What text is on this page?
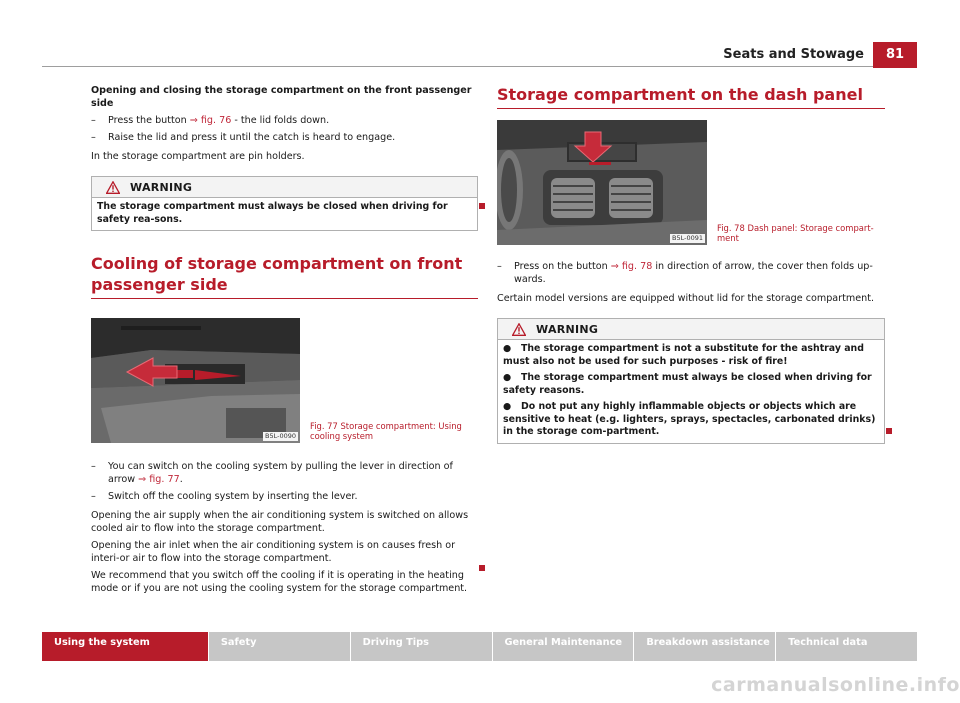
Seats and Stowage	81

Opening and closing the storage compartment on the front passenger side

– Press the button ⇒ fig. 76 - the lid folds down.
– Raise the lid and press it until the catch is heard to engage.

In the storage compartment are pin holders.

WARNING

The storage compartment must always be closed when driving for safety rea-sons.

Cooling of storage compartment on front passenger side
B5L-0090
Fig. 77 Storage compartment: Using cooling system
– You can switch on the cooling system by pulling the lever in direction of arrow ⇒ fig. 77.
– Switch off the cooling system by inserting the lever.

Opening the air supply when the air conditioning system is switched on allows cooled air to flow into the storage compartment.

Opening the air inlet when the air conditioning system is on causes fresh or interi-or air to flow into the storage compartment.

We recommend that you switch off the cooling if it is operating in the heating mode or if you are not using the cooling system for the storage compartment.

Storage compartment on the dash panel
B5L-0091
Fig. 78 Dash panel: Storage compart-ment
– Press on the button ⇒ fig. 78 in direction of arrow, the cover then folds up-wards.

Certain model versions are equipped without lid for the storage compartment.

WARNING

●   The storage compartment is not a substitute for the ashtray and must also not be used for such purposes - risk of fire!

●   The storage compartment must always be closed when driving for safety reasons.

●   Do not put any highly inflammable objects or objects which are sensitive to heat (e.g. lighters, sprays, spectacles, carbonated drinks) in the storage com-partment.

Using the system	Safety	Driving Tips	General Maintenance	Breakdown assistance	Technical data
carmanualsonline.info
